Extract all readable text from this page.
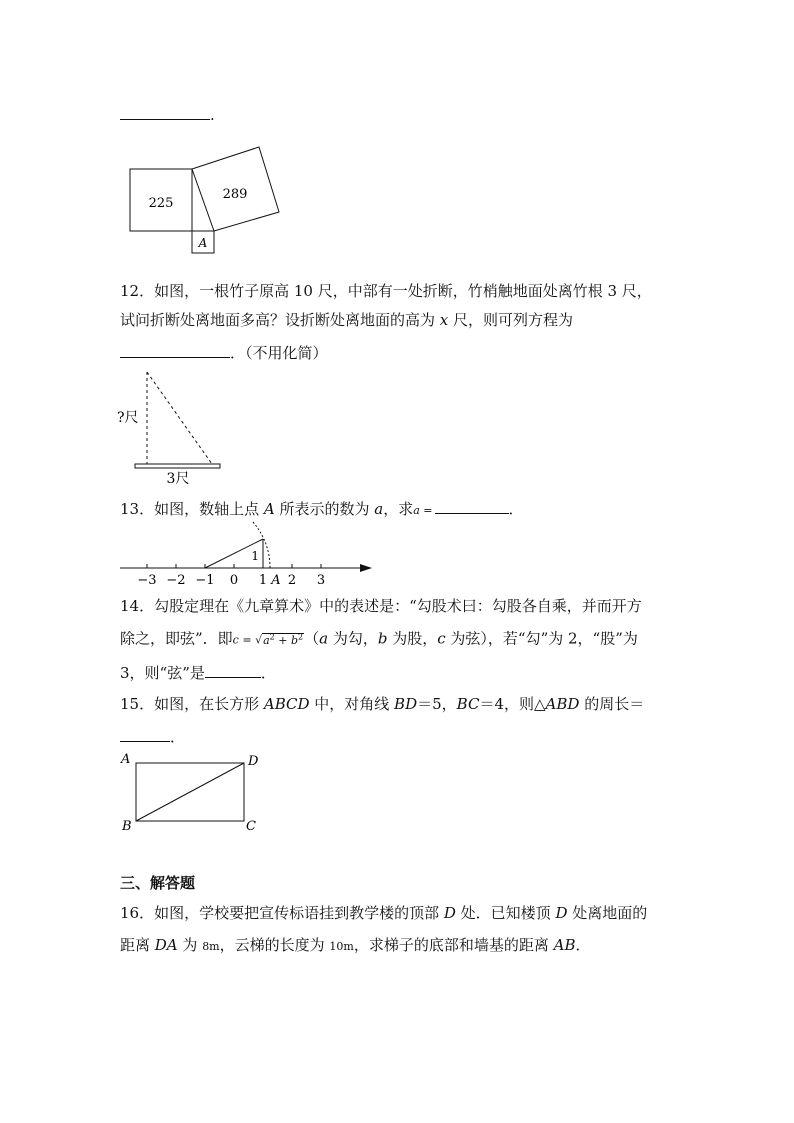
.
225
289
A
12．如图，一根竹子原高 10 尺，中部有一处折断，竹梢触地面处离竹根 3 尺，
试问折断处离地面多高？设折断处离地面的高为 x 尺，则可列方程为
．（不用化简）
?尺
3尺
13．如图，数轴上点 A 所表示的数为 a，求a =	．
1
−3 −2 −1 0 1 2 3
A
14．勾股定理在《九章算术》中的表述是：“勾股术曰：勾股各自乘，并而开方
除之，即弦”．即$c = √a^2 + b^2(a$ 为勾，b 为股，c 为弦），若“勾”为 2，“股”为
3，则“弦”是	．
15．如图，在长方形 ABCD 中，对角线 BD＝5，BC＝4，则△ABD 的周长＝
．
A	D
B	C
三、解答题
16．如图，学校要把宣传标语挂到教学楼的顶部 D 处．已知楼顶 D 处离地面的
距离 DA 为 8m，云梯的长度为 10m，求梯子的底部和墙基的距离 AB．
